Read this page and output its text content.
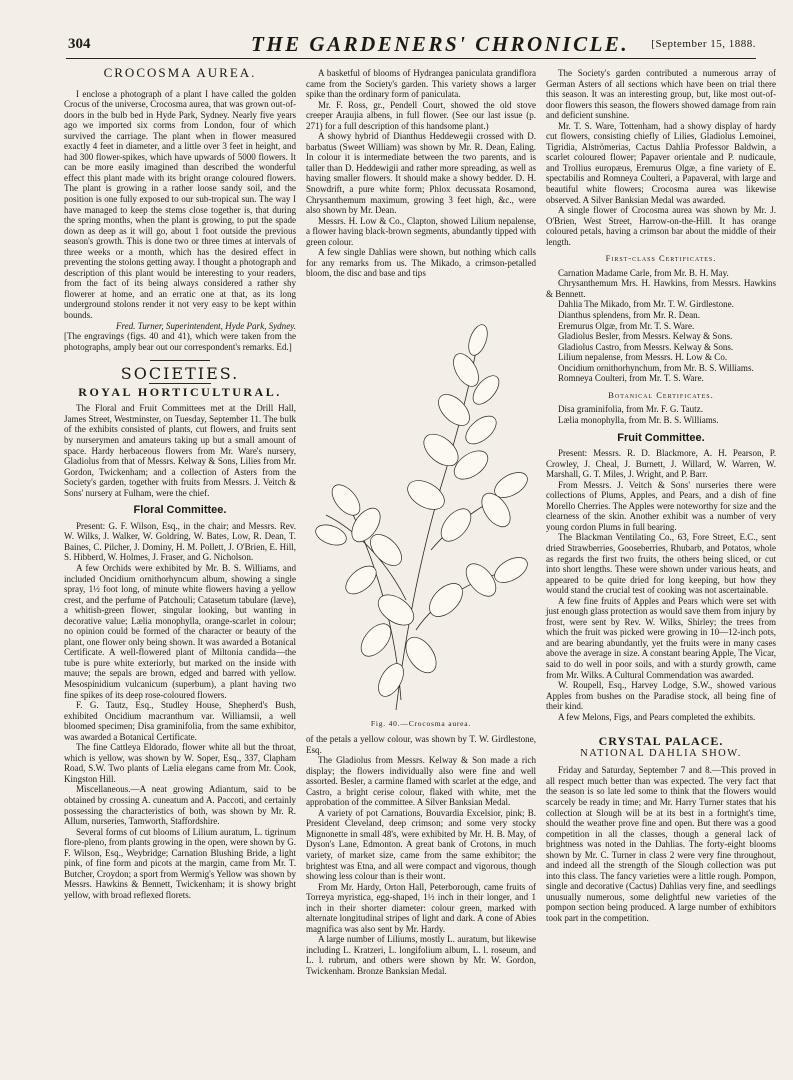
304	THE GARDENERS' CHRONICLE. [September 15, 1888.
CROCOSMA AUREA.

I enclose a photograph of a plant I have called the golden Crocus of the universe, Crocosma aurea, that was grown out-of-doors in the bulb bed in Hyde Park, Sydney. Nearly five years ago we imported six corms from London, four of which survived the carriage. The plant when in flower measured exactly 4 feet in diameter, and a little over 3 feet in height, and had 300 flower-spikes, which have upwards of 5000 flowers. It can be more easily imagined than described the wonderful effect this plant made with its bright orange coloured flowers. The plant is growing in a rather loose sandy soil, and the position is one fully exposed to our sub-tropical sun. The way I have managed to keep the stems close together is, that during the spring months, when the plant is growing, to put the spade down as deep as it will go, about 1 foot outside the previous season's growth. This is done two or three times at intervals of three weeks or a month, which has the desired effect in preventing the stolons getting away. I thought a photograph and description of this plant would be interesting to your readers, from the fact of its being always considered a rather shy flowerer at home, and an erratic one at that, as its long underground stolons render it not very easy to be kept within bounds.

Fred. Turner, Superintendent, Hyde Park, Sydney.

[The engravings (figs. 40 and 41), which were taken from the photographs, amply bear out our correspondent's remarks. Ed.]

SOCIETIES.
ROYAL HORTICULTURAL.

The Floral and Fruit Committees met at the Drill Hall, James Street, Westminster, on Tuesday, September 11. The bulk of the exhibits consisted of plants, cut flowers, and fruits sent by nurserymen and amateurs taking up but a small amount of space. Hardy herbaceous flowers from Mr. Ware's nursery, Gladiolus from that of Messrs. Kelway & Sons, Lilies from Mr. Gordon, Twickenham; and a collection of Asters from the Society's garden, together with fruits from Messrs. J. Veitch & Sons' nursery at Fulham, were the chief.

Floral Committee.

Present: G. F. Wilson, Esq., in the chair; and Messrs. Rev. W. Wilks, J. Walker, W. Goldring, W. Bates, Low, R. Dean, T. Baines, C. Pilcher, J. Dominy, H. M. Pollett, J. O'Brien, E. Hill, S. Hibberd, W. Holmes, J. Fraser, and G. Nicholson.

A few Orchids were exhibited by Mr. B. S. Williams, and included Oncidium ornithorhyncum album, showing a single spray, 1½ foot long, of minute white flowers having a yellow crest, and the perfume of Patchouli; Catasetum tabulare (læve), a whitish-green flower, singular looking, but wanting in decorative value; Lælia monophylla, orange-scarlet in colour; no opinion could be formed of the character or beauty of the plant, one flower only being shown. It was awarded a Botanical Certificate. A well-flowered plant of Miltonia candida—the tube is pure white exteriorly, but marked on the inside with mauve; the sepals are brown, edged and barred with yellow. Mesospinidium vulcanicum (superbum), a plant having two fine spikes of its deep rose-coloured flowers.

F. G. Tautz, Esq., Studley House, Shepherd's Bush, exhibited Oncidium macranthum var. Williamsii, a well bloomed specimen; Disa graminifolia, from the same exhibitor, was awarded a Botanical Certificate.

The fine Cattleya Eldorado, flower white all but the throat, which is yellow, was shown by W. Soper, Esq., 337, Clapham Road, S.W. Two plants of Lælia elegans came from Mr. Cook, Kingston Hill.

Miscellaneous.—A neat growing Adiantum, said to be obtained by crossing A. cuneatum and A. Paccoti, and certainly possessing the characteristics of both, was shown by Mr. R. Allum, nurseries, Tamworth, Staffordshire.

Several forms of cut blooms of Lilium auratum, L. tigrinum flore-pleno, from plants growing in the open, were shown by G. F. Wilson, Esq., Weybridge; Carnation Blushing Bride, a light pink, of fine form and picots at the margin, came from Mr. T. Butcher, Croydon; a sport from Wermig's Yellow was shown by Messrs. Hawkins & Bennett, Twickenham; it is showy bright yellow, with broad reflexed florets.

A basketful of blooms of Hydrangea paniculata grandiflora came from the Society's garden. This variety shows a larger spike than the ordinary form of paniculata.

Mr. F. Ross, gr., Pendell Court, showed the old stove creeper Araujia albens, in full flower. (See our last issue (p. 271) for a full description of this handsome plant.)

A showy hybrid of Dianthus Heddewegii crossed with D. barbatus (Sweet William) was shown by Mr. R. Dean, Ealing. In colour it is intermediate between the two parents, and is taller than D. Heddewigii and rather more spreading, as well as having smaller flowers. It should make a showy bedder. D. H. Snowdrift, a pure white form; Phlox decussata Rosamond, Chrysanthemum maximum, growing 3 feet high, &c., were also shown by Mr. Dean.

Messrs. H. Low & Co., Clapton, showed Lilium nepalense, a flower having black-brown segments, abundantly tipped with green colour.

A few single Dahlias were shown, but nothing which calls for any remarks from us. The Mikado, a crimson-petalled bloom, the disc and base and tips

Fig. 40.—Crocosma aurea.

of the petals a yellow colour, was shown by T. W. Girdlestone, Esq.

The Gladiolus from Messrs. Kelway & Son made a rich display; the flowers individually also were fine and well assorted. Besler, a carmine flamed with scarlet at the edge, and Castro, a bright cerise colour, flaked with white, met the approbation of the committee. A Silver Banksian Medal.

A variety of pot Carnations, Bouvardia Excelsior, pink; B. President Cleveland, deep crimson; and some very stocky Mignonette in small 48's, were exhibited by Mr. H. B. May, of Dyson's Lane, Edmonton. A great bank of Crotons, in much variety, of market size, came from the same exhibitor; the brightest was Etna, and all were compact and vigorous, though showing less colour than is their wont.

From Mr. Hardy, Orton Hall, Peterborough, came fruits of Torreya myristica, egg-shaped, 1½ inch in their longer, and 1 inch in their shorter diameter: colour green, marked with alternate longitudinal stripes of light and dark. A cone of Abies magnifica was also sent by Mr. Hardy.

A large number of Liliums, mostly L. auratum, but likewise including L. Kratzeri, L. longifolium album, L. l. roseum, and L. l. rubrum, and others were shown by Mr. W. Gordon, Twickenham. Bronze Banksian Medal.

The Society's garden contributed a numerous array of German Asters of all sections which have been on trial there this season. It was an interesting group, but, like most out-of-door flowers this season, the flowers showed damage from rain and deficient sunshine.

Mr. T. S. Ware, Tottenham, had a showy display of hardy cut flowers, consisting chiefly of Lilies, Gladiolus Lemoinei, Tigridia, Alströmerias, Cactus Dahlia Professor Baldwin, a scarlet coloured flower; Papaver orientale and P. nudicaule, and Trollius europæus, Eremurus Olgæ, a fine variety of E. spectabilis and Romneya Coulteri, a Papaveral, with large and beautiful white flowers; Crocosma aurea was likewise observed. A Silver Banksian Medal was awarded.

A single flower of Crocosma aurea was shown by Mr. J. O'Brien, West Street, Harrow-on-the-Hill. It has orange coloured petals, having a crimson bar about the middle of their length.

First-class Certificates.

Carnation Madame Carle, from Mr. B. H. May.

Chrysanthemum Mrs. H. Hawkins, from Messrs. Hawkins & Bennett.

Dahlia The Mikado, from Mr. T. W. Girdlestone.

Dianthus splendens, from Mr. R. Dean.

Eremurus Olgæ, from Mr. T. S. Ware.

Gladiolus Besler, from Messrs. Kelway & Sons.

Gladiolus Castro, from Messrs. Kelway & Sons.

Lilium nepalense, from Messrs. H. Low & Co.

Oncidium ornithorhynchum, from Mr. B. S. Williams.

Romneya Coulteri, from Mr. T. S. Ware.

Botanical Certificates.

Disa graminifolia, from Mr. F. G. Tautz.

Lælia monophylla, from Mr. B. S. Williams.

Fruit Committee.

Present: Messrs. R. D. Blackmore, A. H. Pearson, P. Crowley, J. Cheal, J. Burnett, J. Willard, W. Warren, W. Marshall, G. T. Miles, J. Wright, and P. Barr.

From Messrs. J. Veitch & Sons' nurseries there were collections of Plums, Apples, and Pears, and a dish of fine Morello Cherries. The Apples were noteworthy for size and the clearness of the skin. Another exhibit was a number of very young cordon Plums in full bearing.

The Blackman Ventilating Co., 63, Fore Street, E.C., sent dried Strawberries, Gooseberries, Rhubarb, and Potatos, whole as regards the first two fruits, the others being sliced, or cut into short lengths. These were shown under various heats, and appeared to be quite dried for long keeping, but how they would stand the crucial test of cooking was not ascertainable.

A few fine fruits of Apples and Pears which were set with just enough glass protection as would save them from injury by frost, were sent by Rev. W. Wilks, Shirley; the trees from which the fruit was picked were growing in 10—12-inch pots, and are bearing abundantly, yet the fruits were in many cases above the average in size. A constant bearing Apple, The Vicar, said to do well in poor soils, and with a sturdy growth, came from Mr. Wilks. A Cultural Commendation was awarded.

W. Roupell, Esq., Harvey Lodge, S.W., showed various Apples from bushes on the Paradise stock, all being fine of their kind.

A few Melons, Figs, and Pears completed the exhibits.

CRYSTAL PALACE.
NATIONAL DAHLIA SHOW.

Friday and Saturday, September 7 and 8.—This proved in all respect much better than was expected. The very fact that the season is so late led some to think that the flowers would scarcely be ready in time; and Mr. Harry Turner states that his collection at Slough will be at its best in a fortnight's time, should the weather prove fine and open. But there was a good competition in all the classes, though a general lack of brightness was noted in the Dahlias. The forty-eight blooms shown by Mr. C. Turner in class 2 were very fine throughout, and indeed all the strength of the Slough collection was put into this class. The fancy varieties were a little rough. Pompon, single and decorative (Cactus) Dahlias very fine, and seedlings unusually numerous, some delightful new varieties of the pompon section being produced. A large number of exhibitors took part in the competition.
